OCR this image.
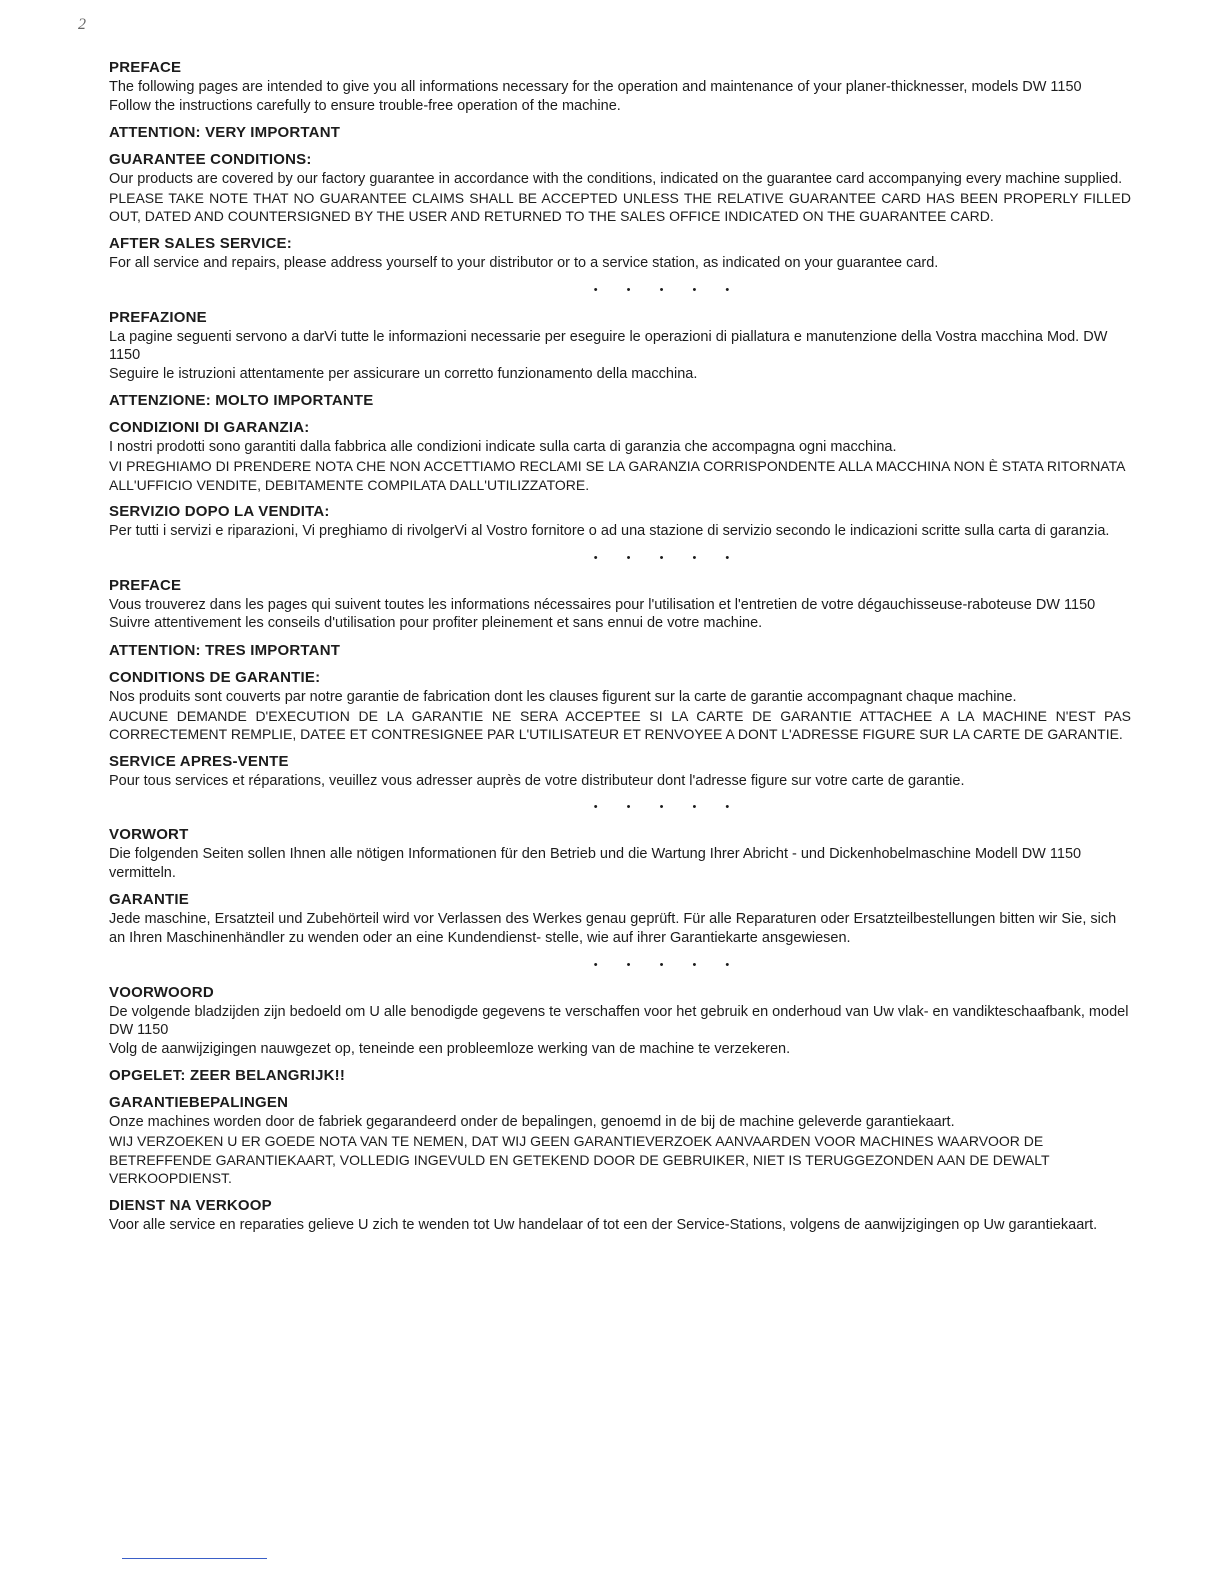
2
PREFACE

The following pages are intended to give you all informations necessary for the operation and maintenance of your planer-thicknesser, models DW 1150

Follow the instructions carefully to ensure trouble-free operation of the machine.

ATTENTION: VERY IMPORTANT
GUARANTEE CONDITIONS:

Our products are covered by our factory guarantee in accordance with the conditions, indicated on the guarantee card accompanying every machine supplied.

PLEASE TAKE NOTE THAT NO GUARANTEE CLAIMS SHALL BE ACCEPTED UNLESS THE RELATIVE GUARANTEE CARD HAS BEEN PROPERLY FILLED OUT, DATED AND COUNTERSIGNED BY THE USER AND RETURNED TO THE SALES OFFICE INDICATED ON THE GUARANTEE CARD.

AFTER SALES SERVICE:

For all service and repairs, please address yourself to your distributor or to a service station, as indicated on your guarantee card.

• • • • •
PREFAZIONE

La pagine seguenti servono a darVi tutte le informazioni necessarie per eseguire le operazioni di piallatura e manutenzione della Vostra macchina Mod. DW 1150

Seguire le istruzioni attentamente per assicurare un corretto funzionamento della macchina.

ATTENZIONE: MOLTO IMPORTANTE
CONDIZIONI DI GARANZIA:

I nostri prodotti sono garantiti dalla fabbrica alle condizioni indicate sulla carta di garanzia che accompagna ogni macchina.

VI PREGHIAMO DI PRENDERE NOTA CHE NON ACCETTIAMO RECLAMI SE LA GARANZIA CORRISPONDENTE ALLA MACCHINA NON È STATA RITORNATA ALL'UFFICIO VENDITE, DEBITAMENTE COMPILATA DALL'UTILIZZATORE.

SERVIZIO DOPO LA VENDITA:

Per tutti i servizi e riparazioni, Vi preghiamo di rivolgerVi al Vostro fornitore o ad una stazione di servizio secondo le indicazioni scritte sulla carta di garanzia.

• • • • •
PREFACE

Vous trouverez dans les pages qui suivent toutes les informations nécessaires pour l'utilisation et l'entretien de votre dégauchisseuse-raboteuse DW 1150

Suivre attentivement les conseils d'utilisation pour profiter pleinement et sans ennui de votre machine.

ATTENTION: TRES IMPORTANT
CONDITIONS DE GARANTIE:

Nos produits sont couverts par notre garantie de fabrication dont les clauses figurent sur la carte de garantie accompagnant chaque machine.

AUCUNE DEMANDE D'EXECUTION DE LA GARANTIE NE SERA ACCEPTEE SI LA CARTE DE GARANTIE ATTACHEE A LA MACHINE N'EST PAS CORRECTEMENT REMPLIE, DATEE ET CONTRESIGNEE PAR L'UTILISATEUR ET RENVOYEE A DONT L'ADRESSE FIGURE SUR LA CARTE DE GARANTIE.

SERVICE APRES-VENTE

Pour tous services et réparations, veuillez vous adresser auprès de votre distributeur dont l'adresse figure sur votre carte de garantie.

• • • • •
VORWORT

Die folgenden Seiten sollen Ihnen alle nötigen Informationen für den Betrieb und die Wartung Ihrer Abricht - und Dickenhobelmaschine Modell DW 1150 vermitteln.

GARANTIE

Jede maschine, Ersatzteil und Zubehörteil wird vor Verlassen des Werkes genau geprüft. Für alle Reparaturen oder Ersatzteilbestellungen bitten wir Sie, sich an Ihren Maschinenhändler zu wenden oder an eine Kundendienst- stelle, wie auf ihrer Garantiekarte ansgewiesen.

• • • • •
VOORWOORD

De volgende bladzijden zijn bedoeld om U alle benodigde gegevens te verschaffen voor het gebruik en onderhoud van Uw vlak- en vandikteschaafbank, model DW 1150

Volg de aanwijzigingen nauwgezet op, teneinde een probleemloze werking van de machine te verzekeren.

OPGELET: ZEER BELANGRIJK!!
GARANTIEBEPALINGEN

Onze machines worden door de fabriek gegarandeerd onder de bepalingen, genoemd in de bij de machine geleverde garantiekaart.

WIJ VERZOEKEN U ER GOEDE NOTA VAN TE NEMEN, DAT WIJ GEEN GARANTIEVERZOEK AANVAARDEN VOOR MACHINES WAARVOOR DE BETREFFENDE GARANTIEKAART, VOLLEDIG INGEVULD EN GETEKEND DOOR DE GEBRUIKER, NIET IS TERUGGEZONDEN AAN DE DEWALT VERKOOPDIENST.

DIENST NA VERKOOP

Voor alle service en reparaties gelieve U zich te wenden tot Uw handelaar of tot een der Service-Stations, volgens de aanwijzigingen op Uw garantiekaart.
